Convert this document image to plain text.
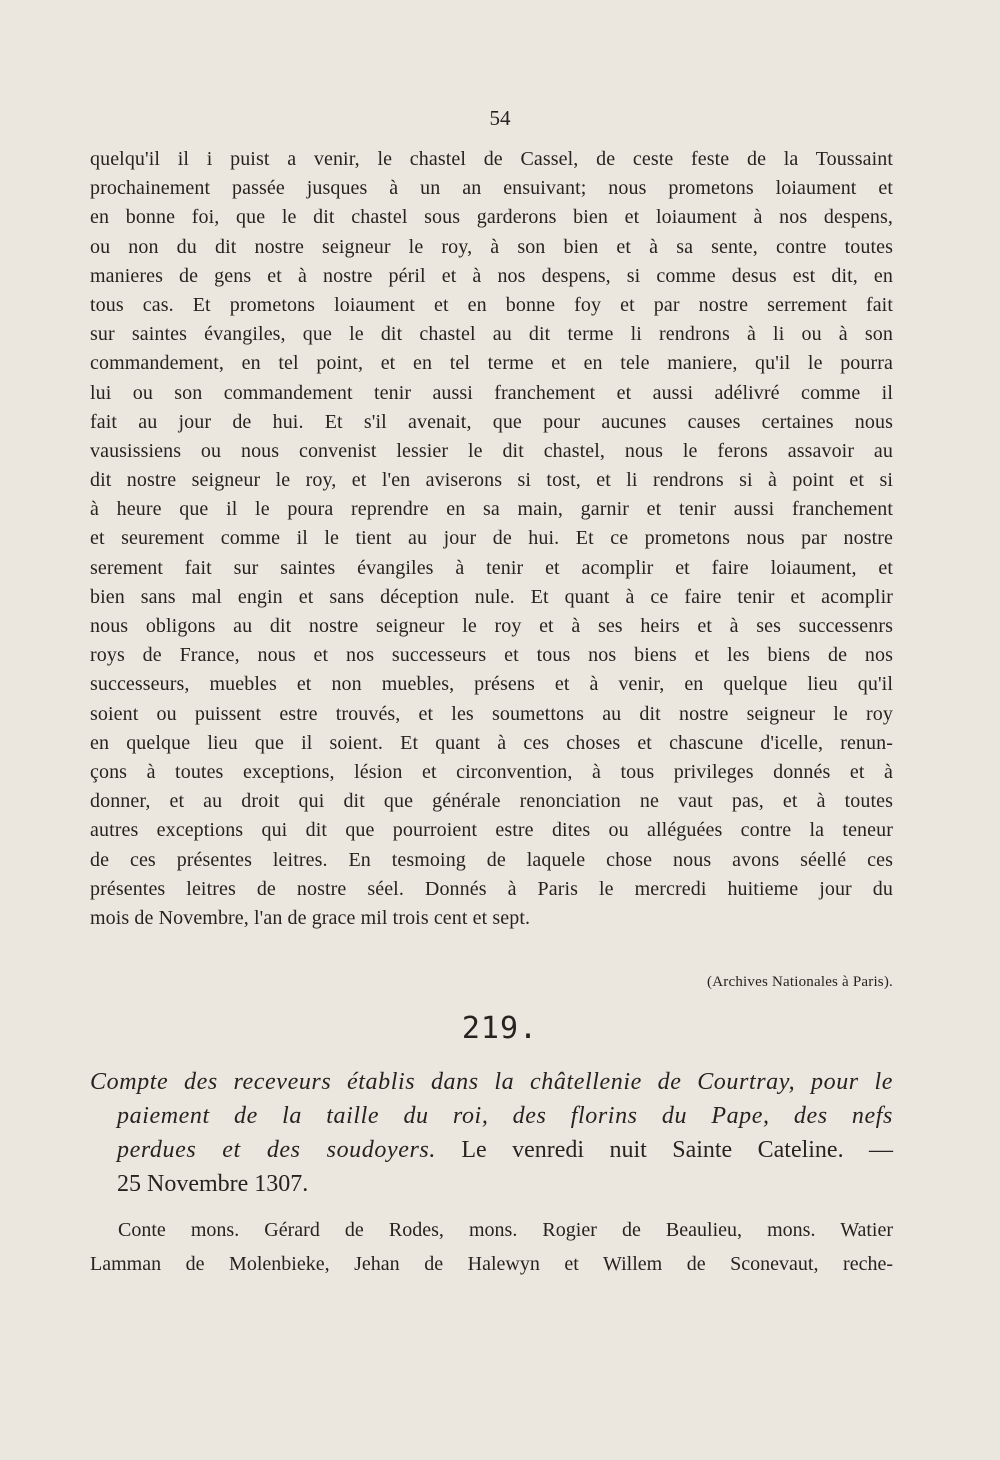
54
quelqu'il il i puist a venir, le chastel de Cassel, de ceste feste de la Toussaint
prochainement passée jusques à un an ensuivant; nous prometons loiaument et
en bonne foi, que le dit chastel sous garderons bien et loiaument à nos despens,
ou non du dit nostre seigneur le roy, à son bien et à sa sente, contre toutes
manieres de gens et à nostre péril et à nos despens, si comme desus est dit, en
tous cas. Et prometons loiaument et en bonne foy et par nostre serrement fait
sur saintes évangiles, que le dit chastel au dit terme li rendrons à li ou à son
commandement, en tel point, et en tel terme et en tele maniere, qu'il le pourra
lui ou son commandement tenir aussi franchement et aussi adélivré comme il
fait au jour de hui. Et s'il avenait, que pour aucunes causes certaines nous
vausissiens ou nous convenist lessier le dit chastel, nous le ferons assavoir au
dit nostre seigneur le roy, et l'en aviserons si tost, et li rendrons si à point et si
à heure que il le poura reprendre en sa main, garnir et tenir aussi franchement
et seurement comme il le tient au jour de hui. Et ce prometons nous par nostre
serement fait sur saintes évangiles à tenir et acomplir et faire loiaument, et
bien sans mal engin et sans déception nule. Et quant à ce faire tenir et acomplir
nous obligons au dit nostre seigneur le roy et à ses heirs et à ses successenrs
roys de France, nous et nos successeurs et tous nos biens et les biens de nos
successeurs, muebles et non muebles, présens et à venir, en quelque lieu qu'il
soient ou puissent estre trouvés, et les soumettons au dit nostre seigneur le roy
en quelque lieu que il soient. Et quant à ces choses et chascune d'icelle, renun-
çons à toutes exceptions, lésion et circonvention, à tous privileges donnés et à
donner, et au droit qui dit que générale renonciation ne vaut pas, et à toutes
autres exceptions qui dit que pourroient estre dites ou alléguées contre la teneur
de ces présentes leitres. En tesmoing de laquele chose nous avons séellé ces
présentes leitres de nostre séel. Donnés à Paris le mercredi huitieme jour du
mois de Novembre, l'an de grace mil trois cent et sept.
(Archives Nationales à Paris).
219.
Compte des receveurs établis dans la châtellenie de Courtray, pour le
paiement de la taille du roi, des florins du Pape, des nefs
perdues et des soudoyers. Le venredi nuit Sainte Cateline. —
25 Novembre 1307.
Conte mons. Gérard de Rodes, mons. Rogier de Beaulieu, mons. Watier
Lamman de Molenbieke, Jehan de Halewyn et Willem de Sconevaut, reche-
